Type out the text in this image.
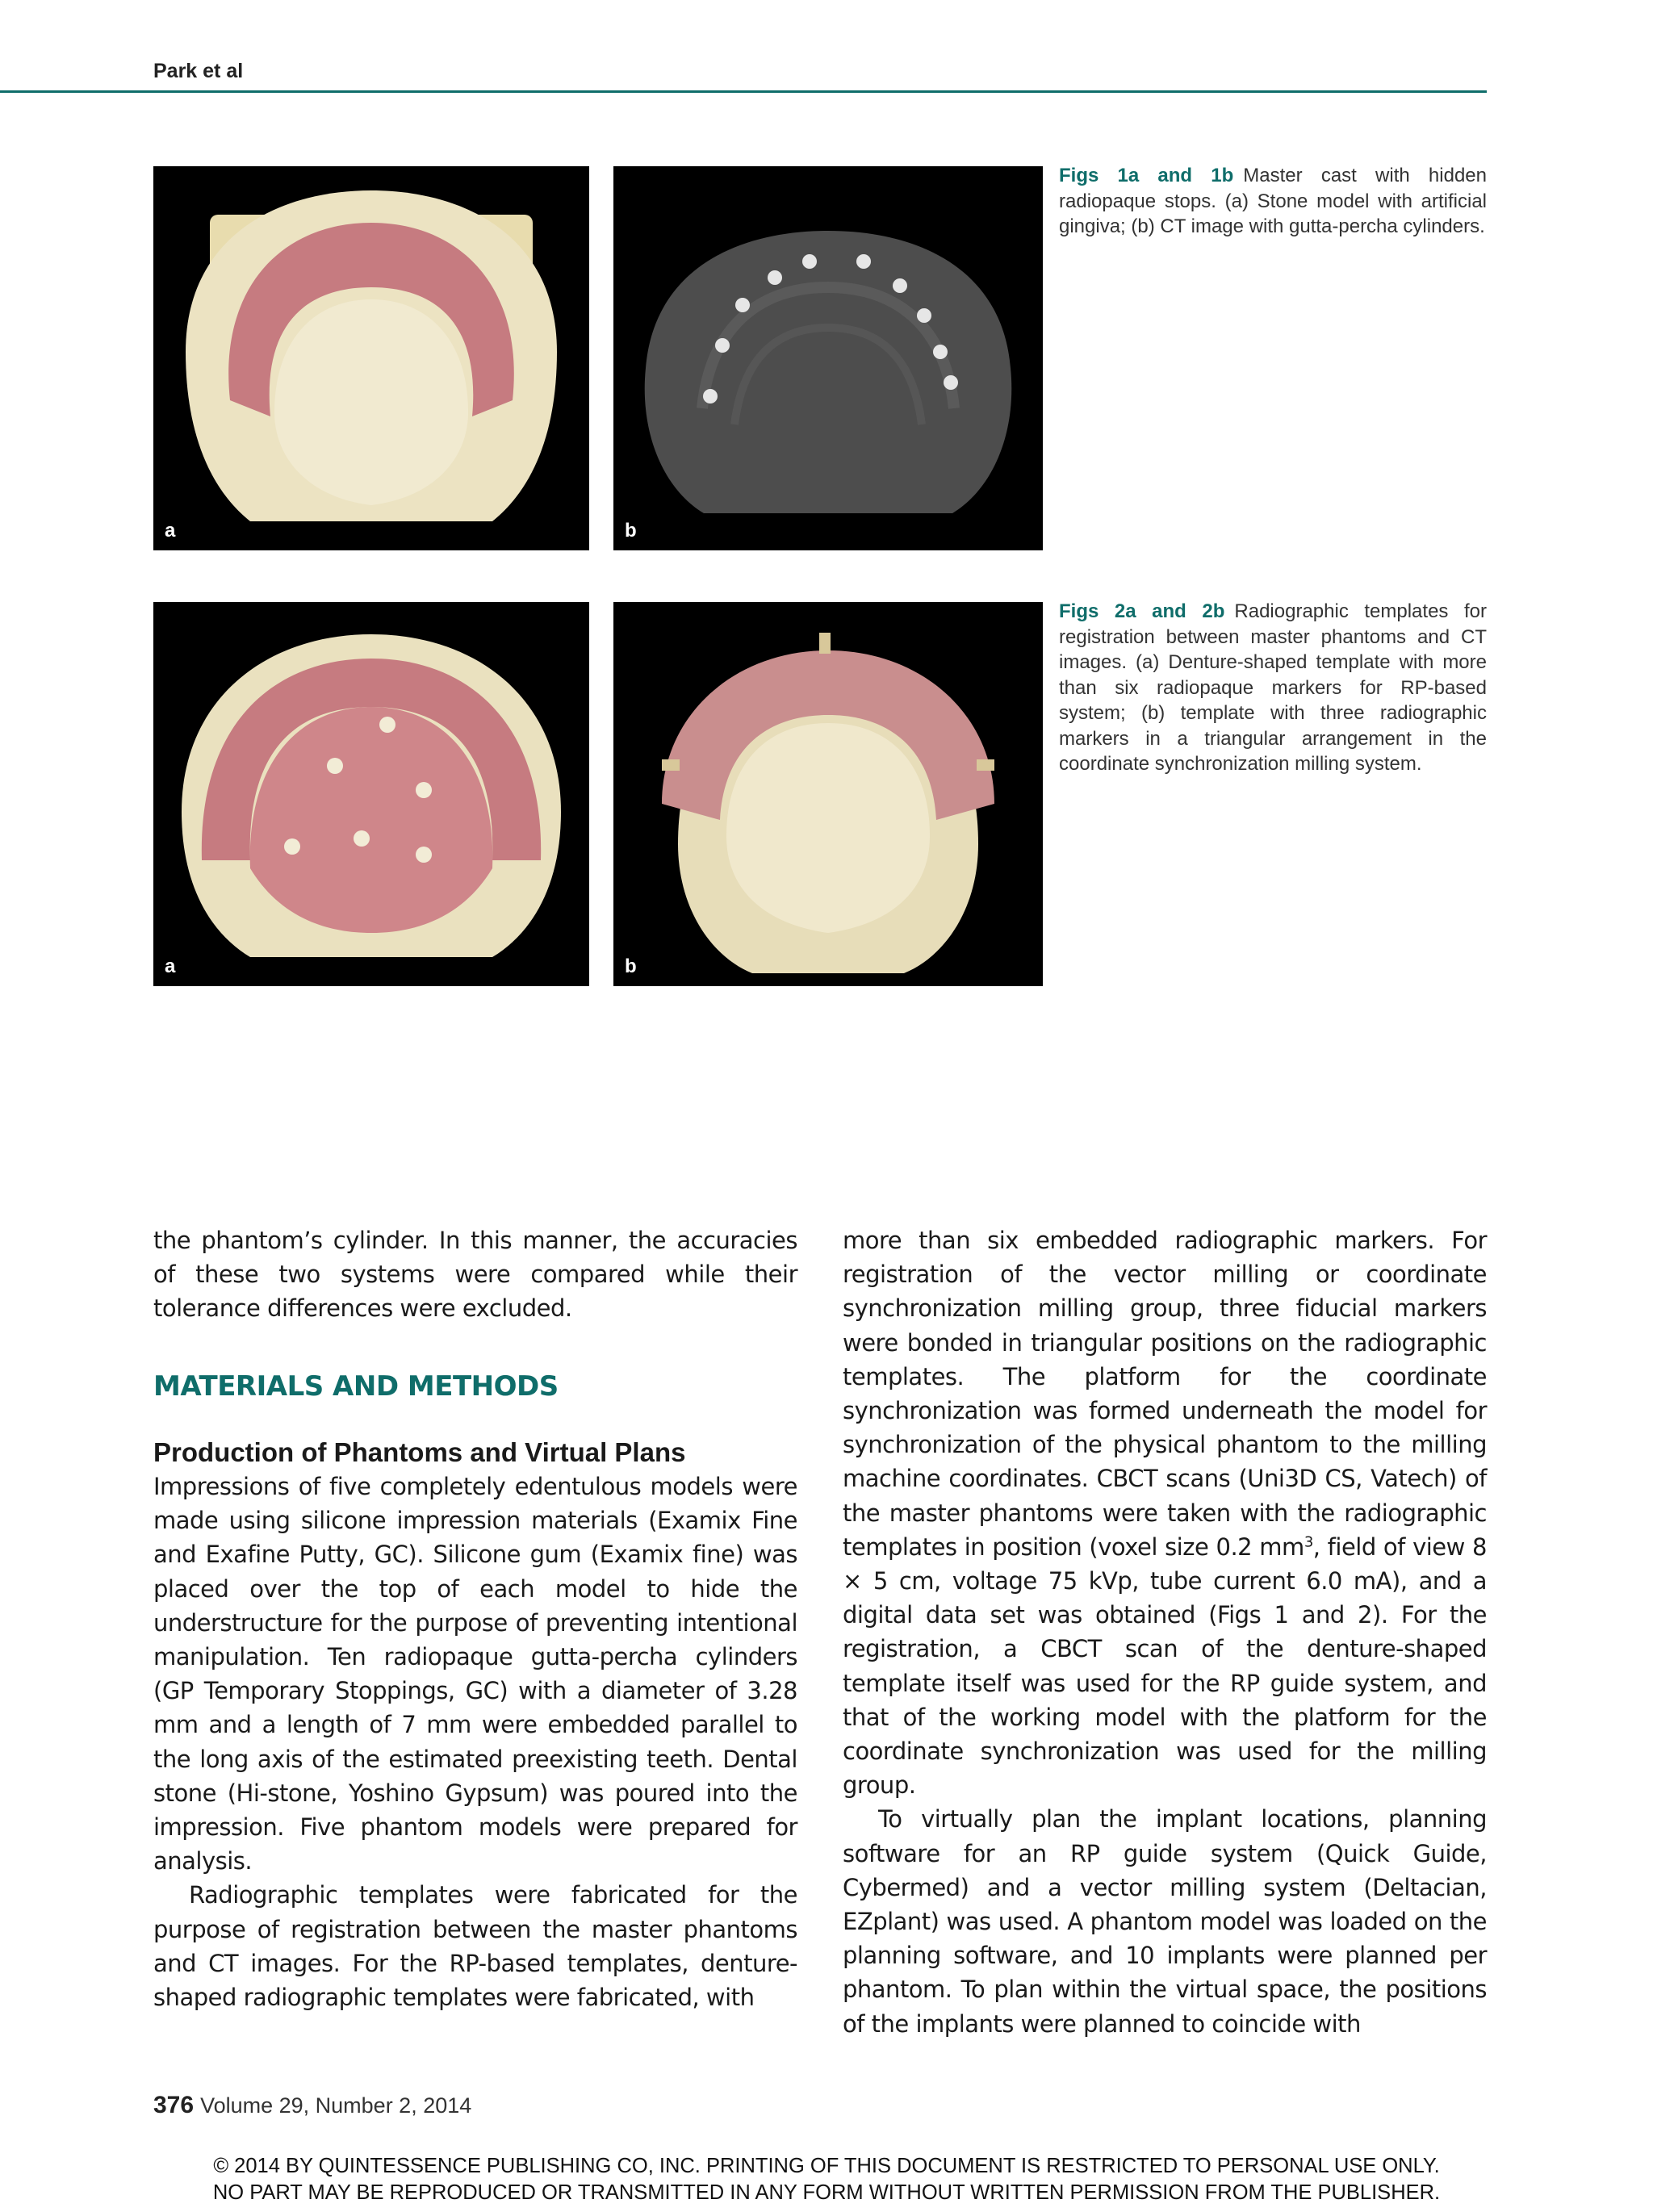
Park et al
a	b
Figs 1a and 1b Master cast with hidden radiopaque stops. (a) Stone model with artificial gingiva; (b) CT image with gutta-percha cylinders.
a	b
Figs 2a and 2b Radiographic templates for registration between master phantoms and CT images. (a) Denture-shaped template with more than six radiopaque markers for RP-based system; (b) template with three radiographic markers in a triangular arrangement in the coordinate synchronization milling system.

the phantom’s cylinder. In this manner, the accuracies of these two systems were compared while their tolerance differences were excluded.

MATERIALS AND METHODS
Production of Phantoms and Virtual Plans

Impressions of five completely edentulous models were made using silicone impression materials (Examix Fine and Exafine Putty, GC). Silicone gum (Examix fine) was placed over the top of each model to hide the understructure for the purpose of preventing intentional manipulation. Ten radiopaque gutta-percha cylinders (GP Temporary Stoppings, GC) with a diameter of 3.28 mm and a length of 7 mm were embedded parallel to the long axis of the estimated preexisting teeth. Dental stone (Hi-stone, Yoshino Gypsum) was poured into the impression. Five phantom models were prepared for analysis.

Radiographic templates were fabricated for the purpose of registration between the master phantoms and CT images. For the RP-based templates, denture-shaped radiographic templates were fabricated, with

more than six embedded radiographic markers. For registration of the vector milling or coordinate synchronization milling group, three fiducial markers were bonded in triangular positions on the radiographic templates. The platform for the coordinate synchronization was formed underneath the model for synchronization of the physical phantom to the milling machine coordinates. CBCT scans (Uni3D CS, Vatech) of the master phantoms were taken with the radiographic templates in position (voxel size 0.2 $mm^3$, field of view 8 × 5 cm, voltage 75 kVp, tube current 6.0 mA), and a digital data set was obtained (Figs 1 and 2). For the registration, a CBCT scan of the denture-shaped template itself was used for the RP guide system, and that of the working model with the platform for the coordinate synchronization was used for the milling group.

To virtually plan the implant locations, planning software for an RP guide system (Quick Guide, Cybermed) and a vector milling system (Deltacian, EZplant) was used. A phantom model was loaded on the planning software, and 10 implants were planned per phantom. To plan within the virtual space, the positions of the implants were planned to coincide with

376 Volume 29, Number 2, 2014
© 2014 BY QUINTESSENCE PUBLISHING CO, INC. PRINTING OF THIS DOCUMENT IS RESTRICTED TO PERSONAL USE ONLY.
NO PART MAY BE REPRODUCED OR TRANSMITTED IN ANY FORM WITHOUT WRITTEN PERMISSION FROM THE PUBLISHER.
